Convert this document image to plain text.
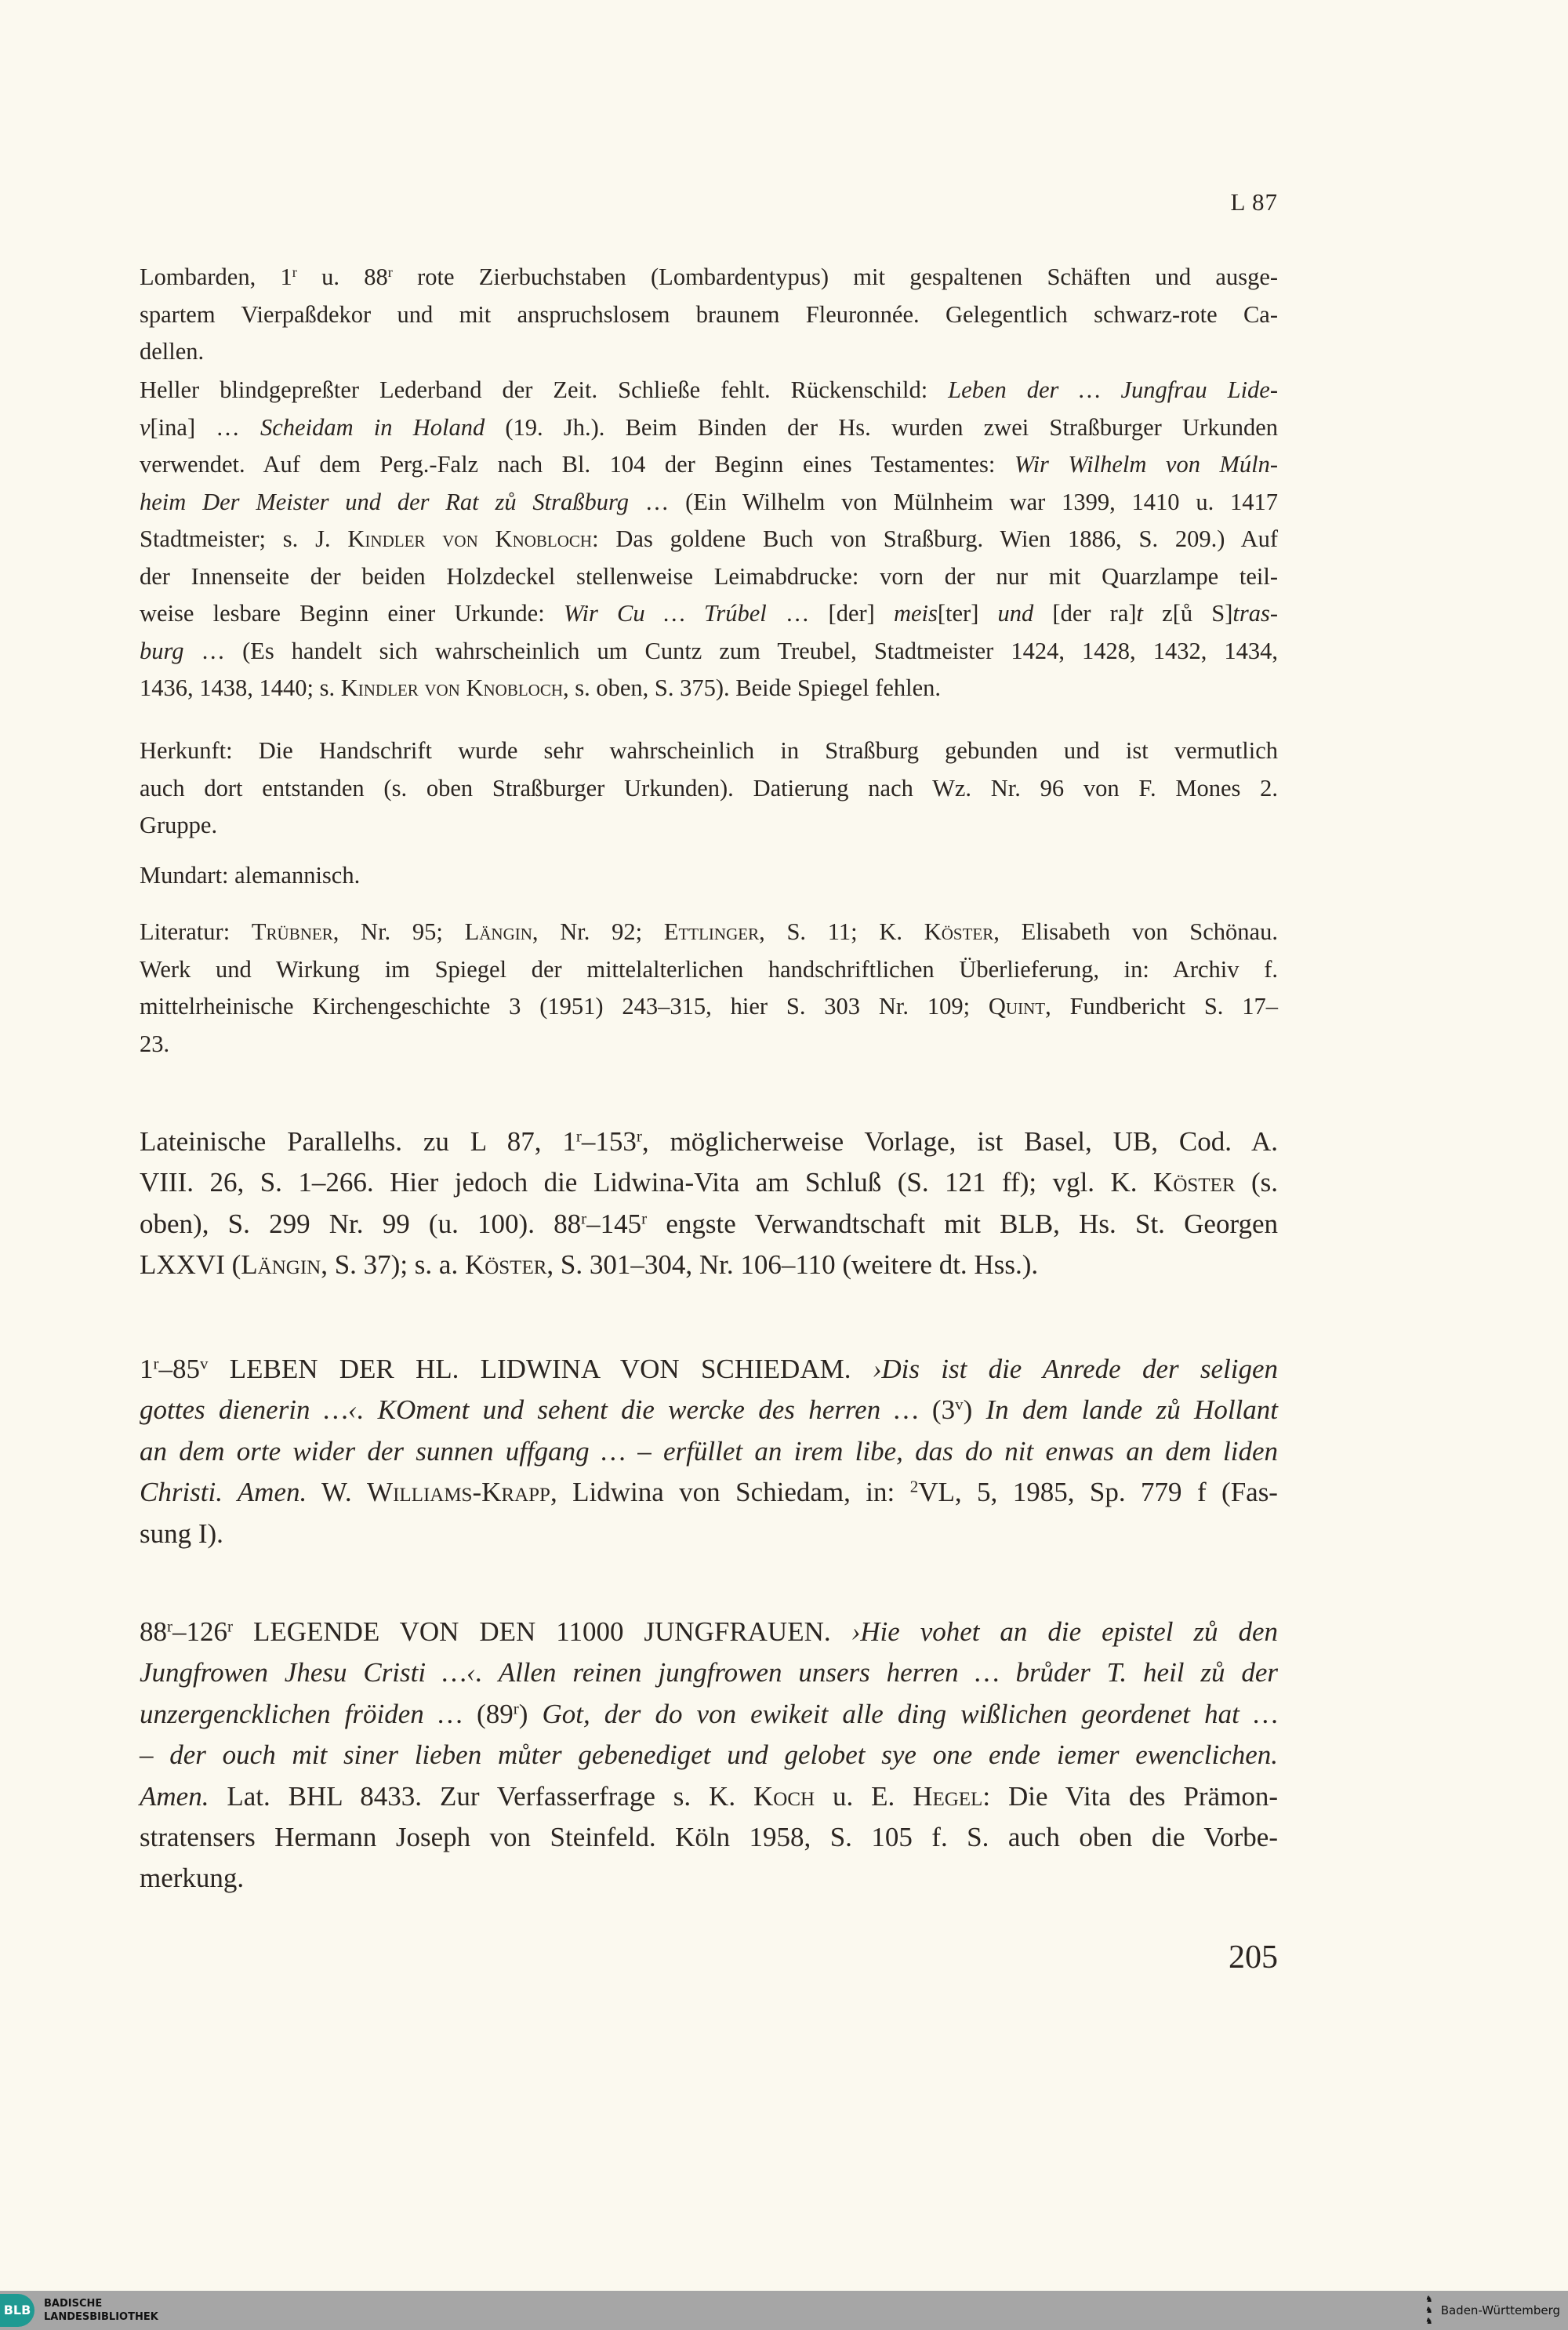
L 87
Lombarden, 1$^r$ u. 88$^r$ rote Zierbuchstaben (Lombardentypus) mit gespaltenen Schäften und ausge-
spartem Vierpaßdekor und mit anspruchslosem braunem Fleuronnée. Gelegentlich schwarz-rote Ca-
dellen.
Heller blindgepreßter Lederband der Zeit. Schließe fehlt. Rückenschild: Leben der … Jungfrau Lide-
v[ina] … Scheidam in Holand (19. Jh.). Beim Binden der Hs. wurden zwei Straßburger Urkunden
verwendet. Auf dem Perg.-Falz nach Bl. 104 der Beginn eines Testamentes: Wir Wilhelm von Múln-
heim Der Meister und der Rat zů Straßburg … (Ein Wilhelm von Mülnheim war 1399, 1410 u. 1417
Stadtmeister; s. J. Kindler von Knobloch: Das goldene Buch von Straßburg. Wien 1886, S. 209.) Auf
der Innenseite der beiden Holzdeckel stellenweise Leimabdrucke: vorn der nur mit Quarzlampe teil-
weise lesbare Beginn einer Urkunde: Wir Cu … Trúbel … [der] meis[ter] und [der ra]t z[ů S]tras-
burg … (Es handelt sich wahrscheinlich um Cuntz zum Treubel, Stadtmeister 1424, 1428, 1432, 1434,
1436, 1438, 1440; s. Kindler von Knobloch, s. oben, S. 375). Beide Spiegel fehlen.
Herkunft: Die Handschrift wurde sehr wahrscheinlich in Straßburg gebunden und ist vermutlich
auch dort entstanden (s. oben Straßburger Urkunden). Datierung nach Wz. Nr. 96 von F. Mones 2.
Gruppe.
Mundart: alemannisch.
Literatur: Trübner, Nr. 95; Längin, Nr. 92; Ettlinger, S. 11; K. Köster, Elisabeth von Schönau.
Werk und Wirkung im Spiegel der mittelalterlichen handschriftlichen Überlieferung, in: Archiv f.
mittelrheinische Kirchengeschichte 3 (1951) 243–315, hier S. 303 Nr. 109; Quint, Fundbericht S. 17–
23.
Lateinische Parallelhs. zu L 87, 1$^r$–153$^r$, möglicherweise Vorlage, ist Basel, UB, Cod. A.
VIII. 26, S. 1–266. Hier jedoch die Lidwina-Vita am Schluß (S. 121 ff); vgl. K. Köster (s.
oben), S. 299 Nr. 99 (u. 100). 88$^r$–145$^r$ engste Verwandtschaft mit BLB, Hs. St. Georgen
LXXVI (Längin, S. 37); s. a. Köster, S. 301–304, Nr. 106–110 (weitere dt. Hss.).
1$^r$–85$^v$ LEBEN DER HL. LIDWINA VON SCHIEDAM. ›Dis ist die Anrede der seligen
gottes dienerin …‹. KOment und sehent die wercke des herren … (3$^v$) In dem lande zů Hollant
an dem orte wider der sunnen uffgang … – erfüllet an irem libe, das do nit enwas an dem liden
Christi. Amen. W. Williams-Krapp, Lidwina von Schiedam, in: $^2$VL, 5, 1985, Sp. 779 f (Fas-
sung I).
88$^r$–126$^r$ LEGENDE VON DEN 11000 JUNGFRAUEN. ›Hie vohet an die epistel zů den
Jungfrowen Jhesu Cristi …‹. Allen reinen jungfrowen unsers herren … brůder T. heil zů der
unzergencklichen fröiden … (89$^r$) Got, der do von ewikeit alle ding wißlichen geordenet hat …
– der ouch mit siner lieben můter gebenediget und gelobet sye one ende iemer ewenclichen.
Amen. Lat. BHL 8433. Zur Verfasserfrage s. K. Koch u. E. Hegel: Die Vita des Prämon-
stratensers Hermann Joseph von Steinfeld. Köln 1958, S. 105 f. S. auch oben die Vorbe-
merkung.
205
BLB	BADISCHE
LANDESBIBLIOTHEK
♞
♞
♞
Baden-Württemberg
